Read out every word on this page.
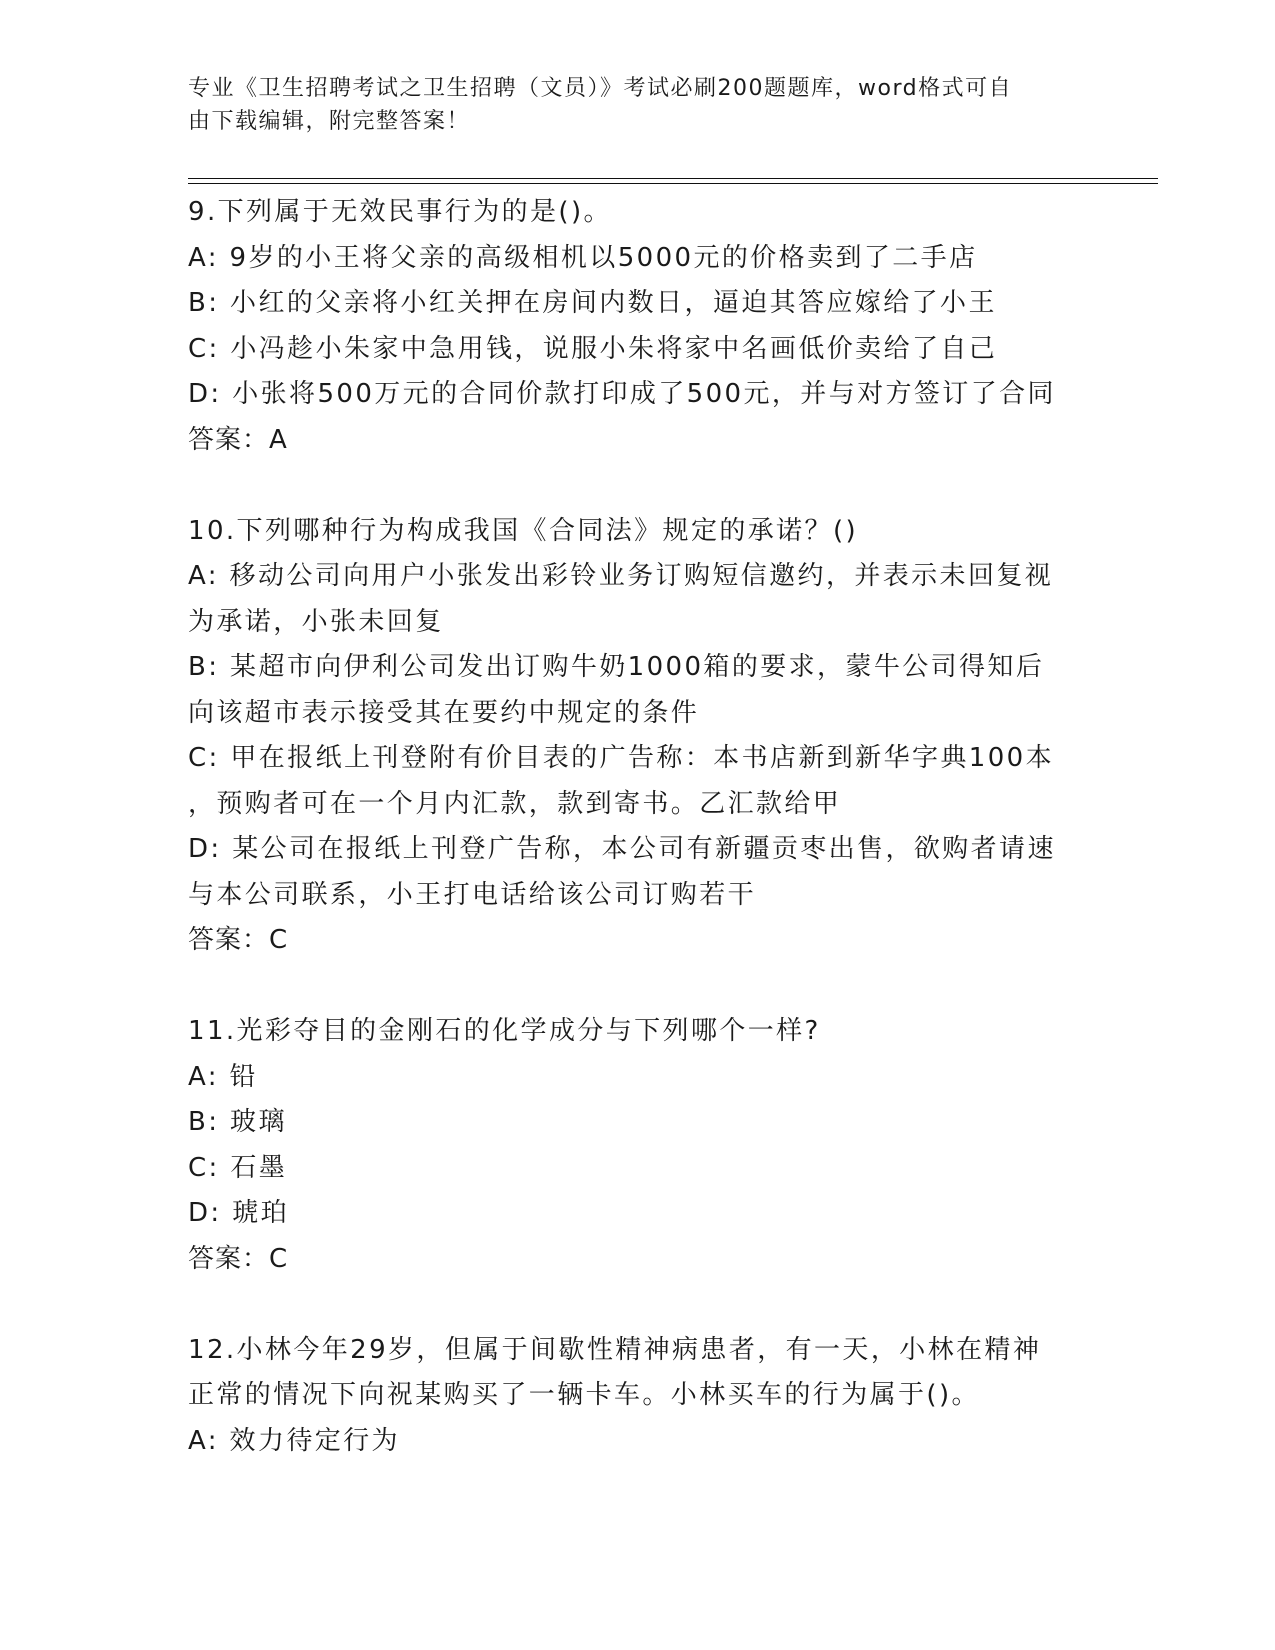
专业《卫生招聘考试之卫生招聘（文员）》考试必刷200题题库，word格式可自
由下载编辑，附完整答案！
9.下列属于无效民事行为的是()。
A: 9岁的小王将父亲的高级相机以5000元的价格卖到了二手店
B: 小红的父亲将小红关押在房间内数日，逼迫其答应嫁给了小王
C: 小冯趁小朱家中急用钱，说服小朱将家中名画低价卖给了自己
D: 小张将500万元的合同价款打印成了500元，并与对方签订了合同
答案：A
10.下列哪种行为构成我国《合同法》规定的承诺？()
A: 移动公司向用户小张发出彩铃业务订购短信邀约，并表示未回复视
为承诺，小张未回复
B: 某超市向伊利公司发出订购牛奶1000箱的要求，蒙牛公司得知后
向该超市表示接受其在要约中规定的条件
C: 甲在报纸上刊登附有价目表的广告称：本书店新到新华字典100本
，预购者可在一个月内汇款，款到寄书。乙汇款给甲
D: 某公司在报纸上刊登广告称，本公司有新疆贡枣出售，欲购者请速
与本公司联系，小王打电话给该公司订购若干
答案：C
11.光彩夺目的金刚石的化学成分与下列哪个一样?
A: 铅
B: 玻璃
C: 石墨
D: 琥珀
答案：C
12.小林今年29岁，但属于间歇性精神病患者，有一天，小林在精神
正常的情况下向祝某购买了一辆卡车。小林买车的行为属于()。
A: 效力待定行为
